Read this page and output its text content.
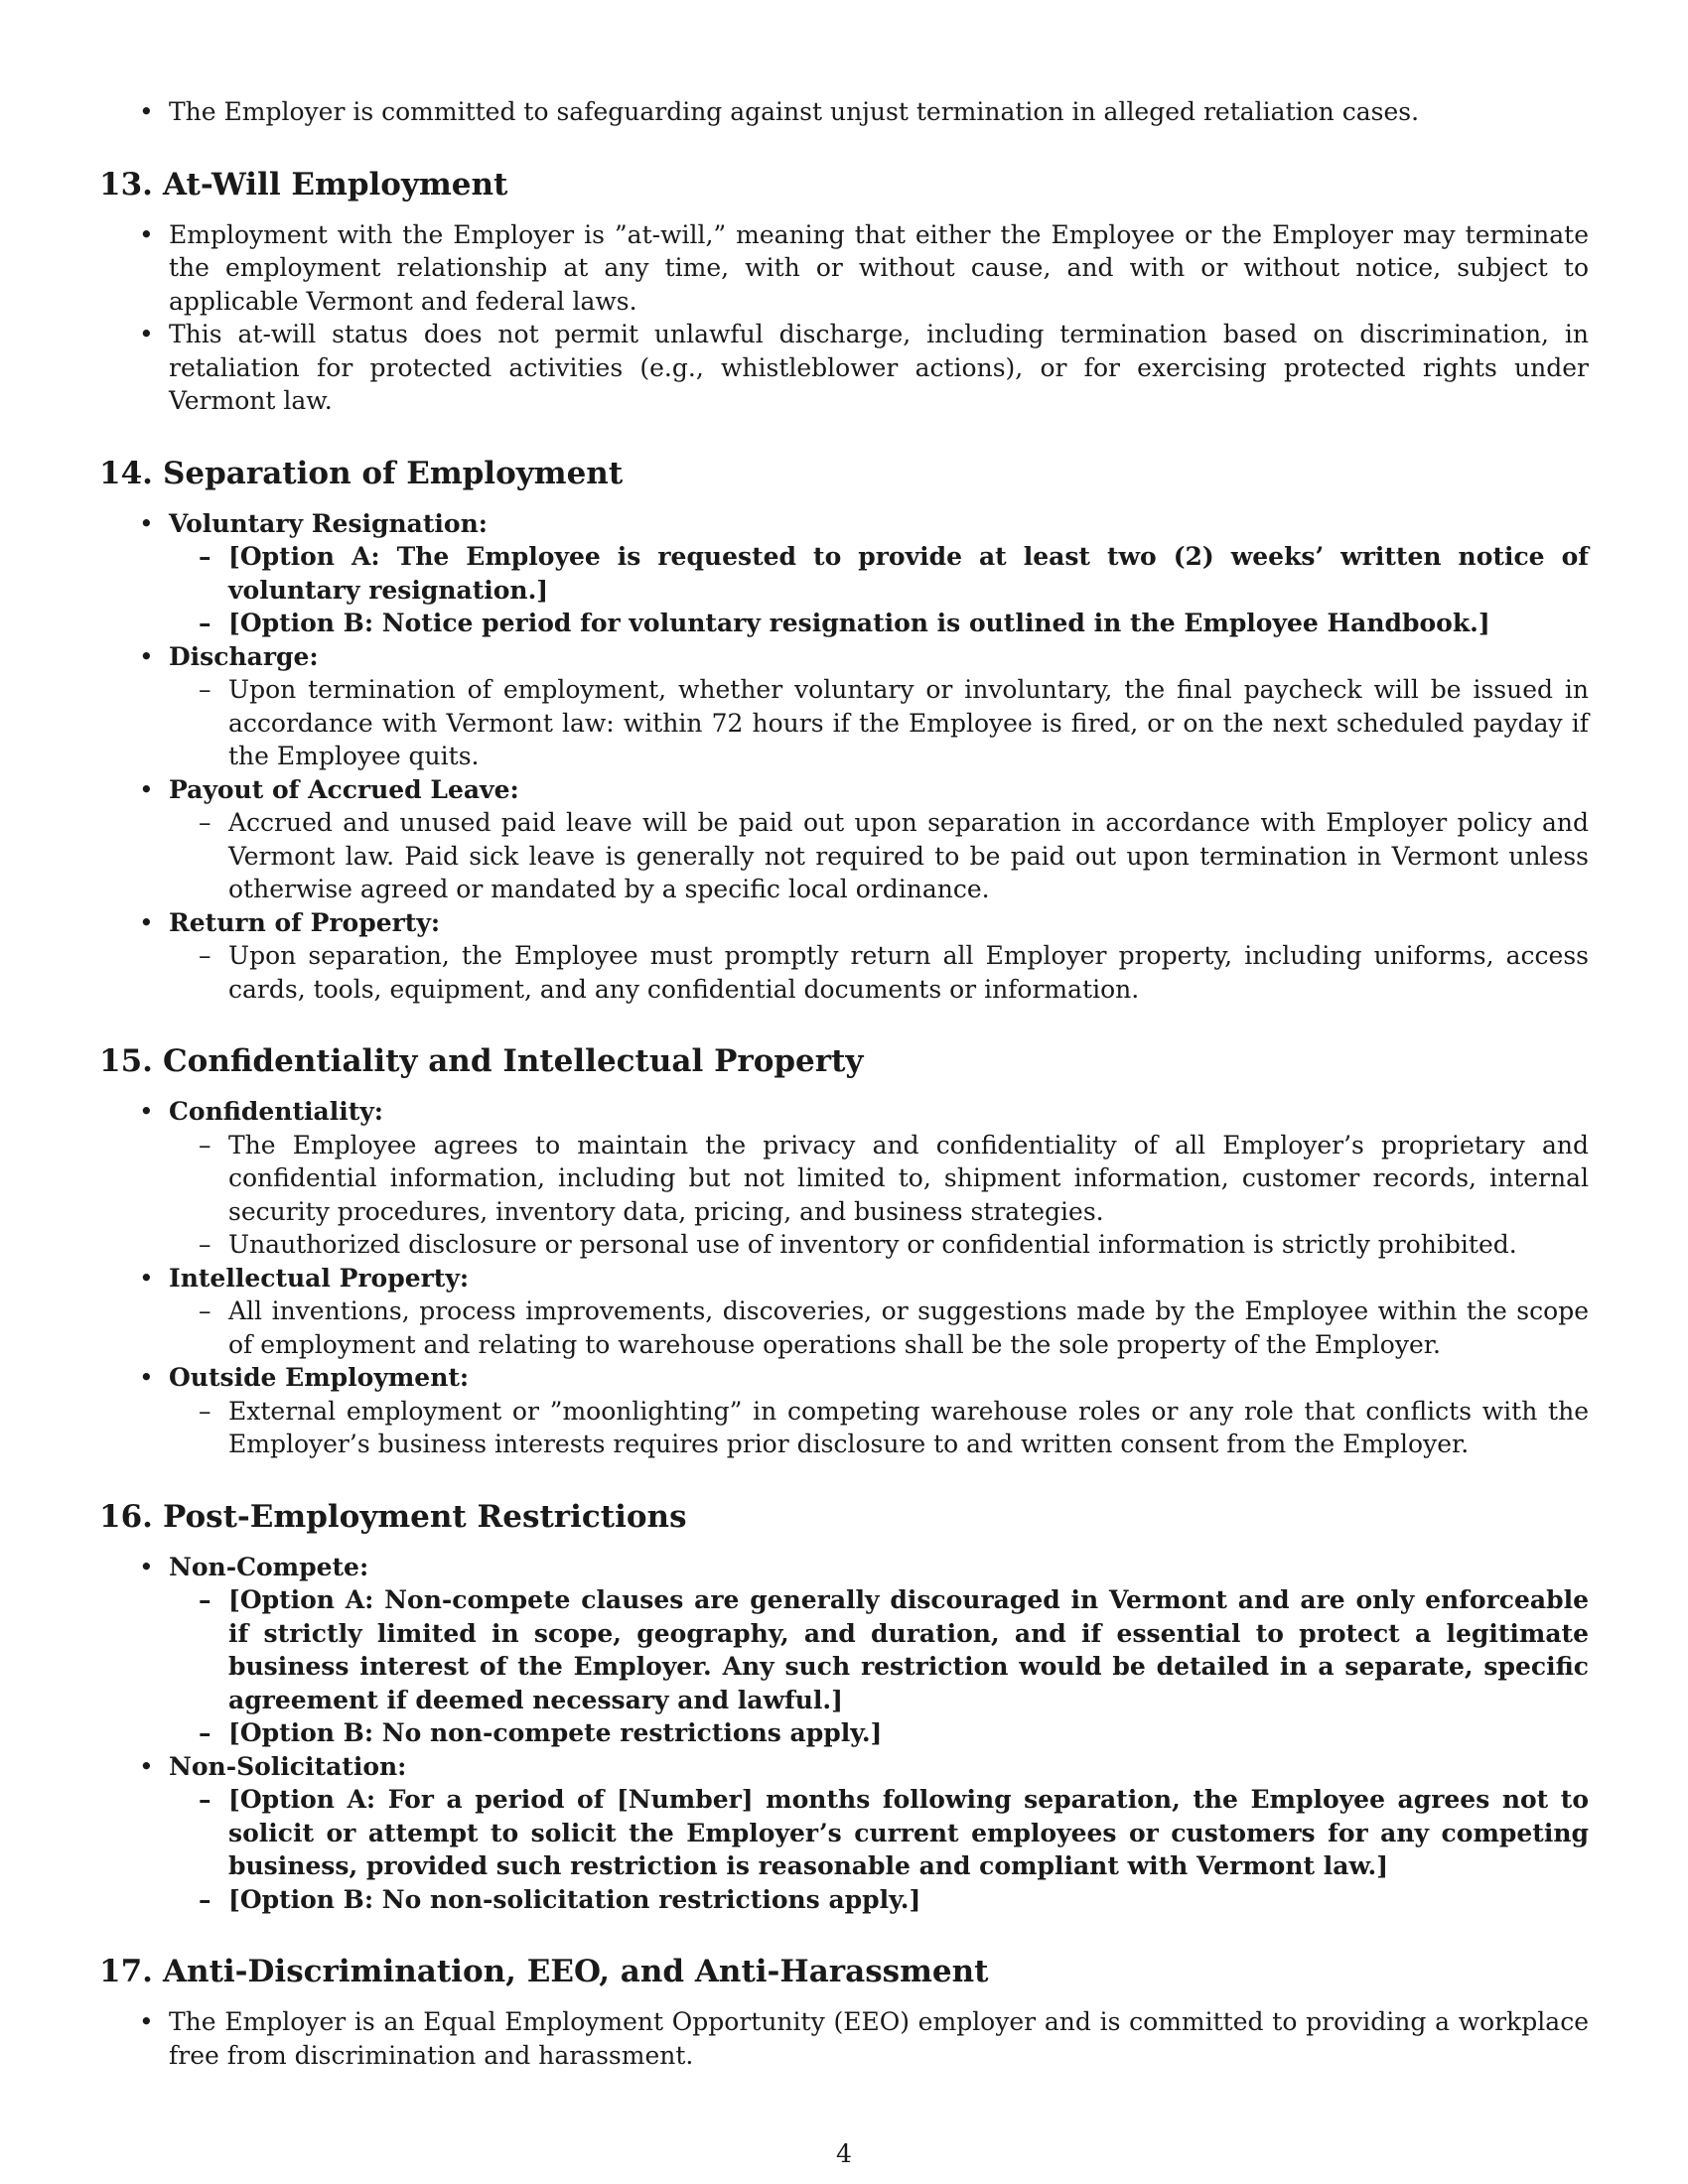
• The Employer is committed to safeguarding against unjust termination in alleged retaliation cases.
13. At-Will Employment
• Employment with the Employer is ”at-will,” meaning that either the Employee or the Employer may terminate the employment relationship at any time, with or without cause, and with or without notice, subject to applicable Vermont and federal laws.
• This at-will status does not permit unlawful discharge, including termination based on discrimination, in retaliation for protected activities (e.g., whistleblower actions), or for exercising protected rights under Vermont law.
14. Separation of Employment
• Voluntary Resignation:
– [Option A: The Employee is requested to provide at least two (2) weeks’ written notice of voluntary resignation.]
– [Option B: Notice period for voluntary resignation is outlined in the Employee Handbook.]
• Discharge:
– Upon termination of employment, whether voluntary or involuntary, the final paycheck will be issued in accordance with Vermont law: within 72 hours if the Employee is fired, or on the next scheduled payday if the Employee quits.
• Payout of Accrued Leave:
– Accrued and unused paid leave will be paid out upon separation in accordance with Employer policy and Vermont law. Paid sick leave is generally not required to be paid out upon termination in Vermont unless otherwise agreed or mandated by a specific local ordinance.
• Return of Property:
– Upon separation, the Employee must promptly return all Employer property, including uniforms, access cards, tools, equipment, and any confidential documents or information.
15. Confidentiality and Intellectual Property
• Confidentiality:
– The Employee agrees to maintain the privacy and confidentiality of all Employer’s proprietary and confidential information, including but not limited to, shipment information, customer records, internal security procedures, inventory data, pricing, and business strategies.
– Unauthorized disclosure or personal use of inventory or confidential information is strictly prohibited.
• Intellectual Property:
– All inventions, process improvements, discoveries, or suggestions made by the Employee within the scope of employment and relating to warehouse operations shall be the sole property of the Employer.
• Outside Employment:
– External employment or ”moonlighting” in competing warehouse roles or any role that conflicts with the Employer’s business interests requires prior disclosure to and written consent from the Employer.
16. Post-Employment Restrictions
• Non-Compete:
– [Option A: Non-compete clauses are generally discouraged in Vermont and are only enforceable if strictly limited in scope, geography, and duration, and if essential to protect a legitimate business interest of the Employer. Any such restriction would be detailed in a separate, specific agreement if deemed necessary and lawful.]
– [Option B: No non-compete restrictions apply.]
• Non-Solicitation:
– [Option A: For a period of [Number] months following separation, the Employee agrees not to solicit or attempt to solicit the Employer’s current employees or customers for any competing business, provided such restriction is reasonable and compliant with Vermont law.]
– [Option B: No non-solicitation restrictions apply.]
17. Anti-Discrimination, EEO, and Anti-Harassment
• The Employer is an Equal Employment Opportunity (EEO) employer and is committed to providing a workplace free from discrimination and harassment.
4
